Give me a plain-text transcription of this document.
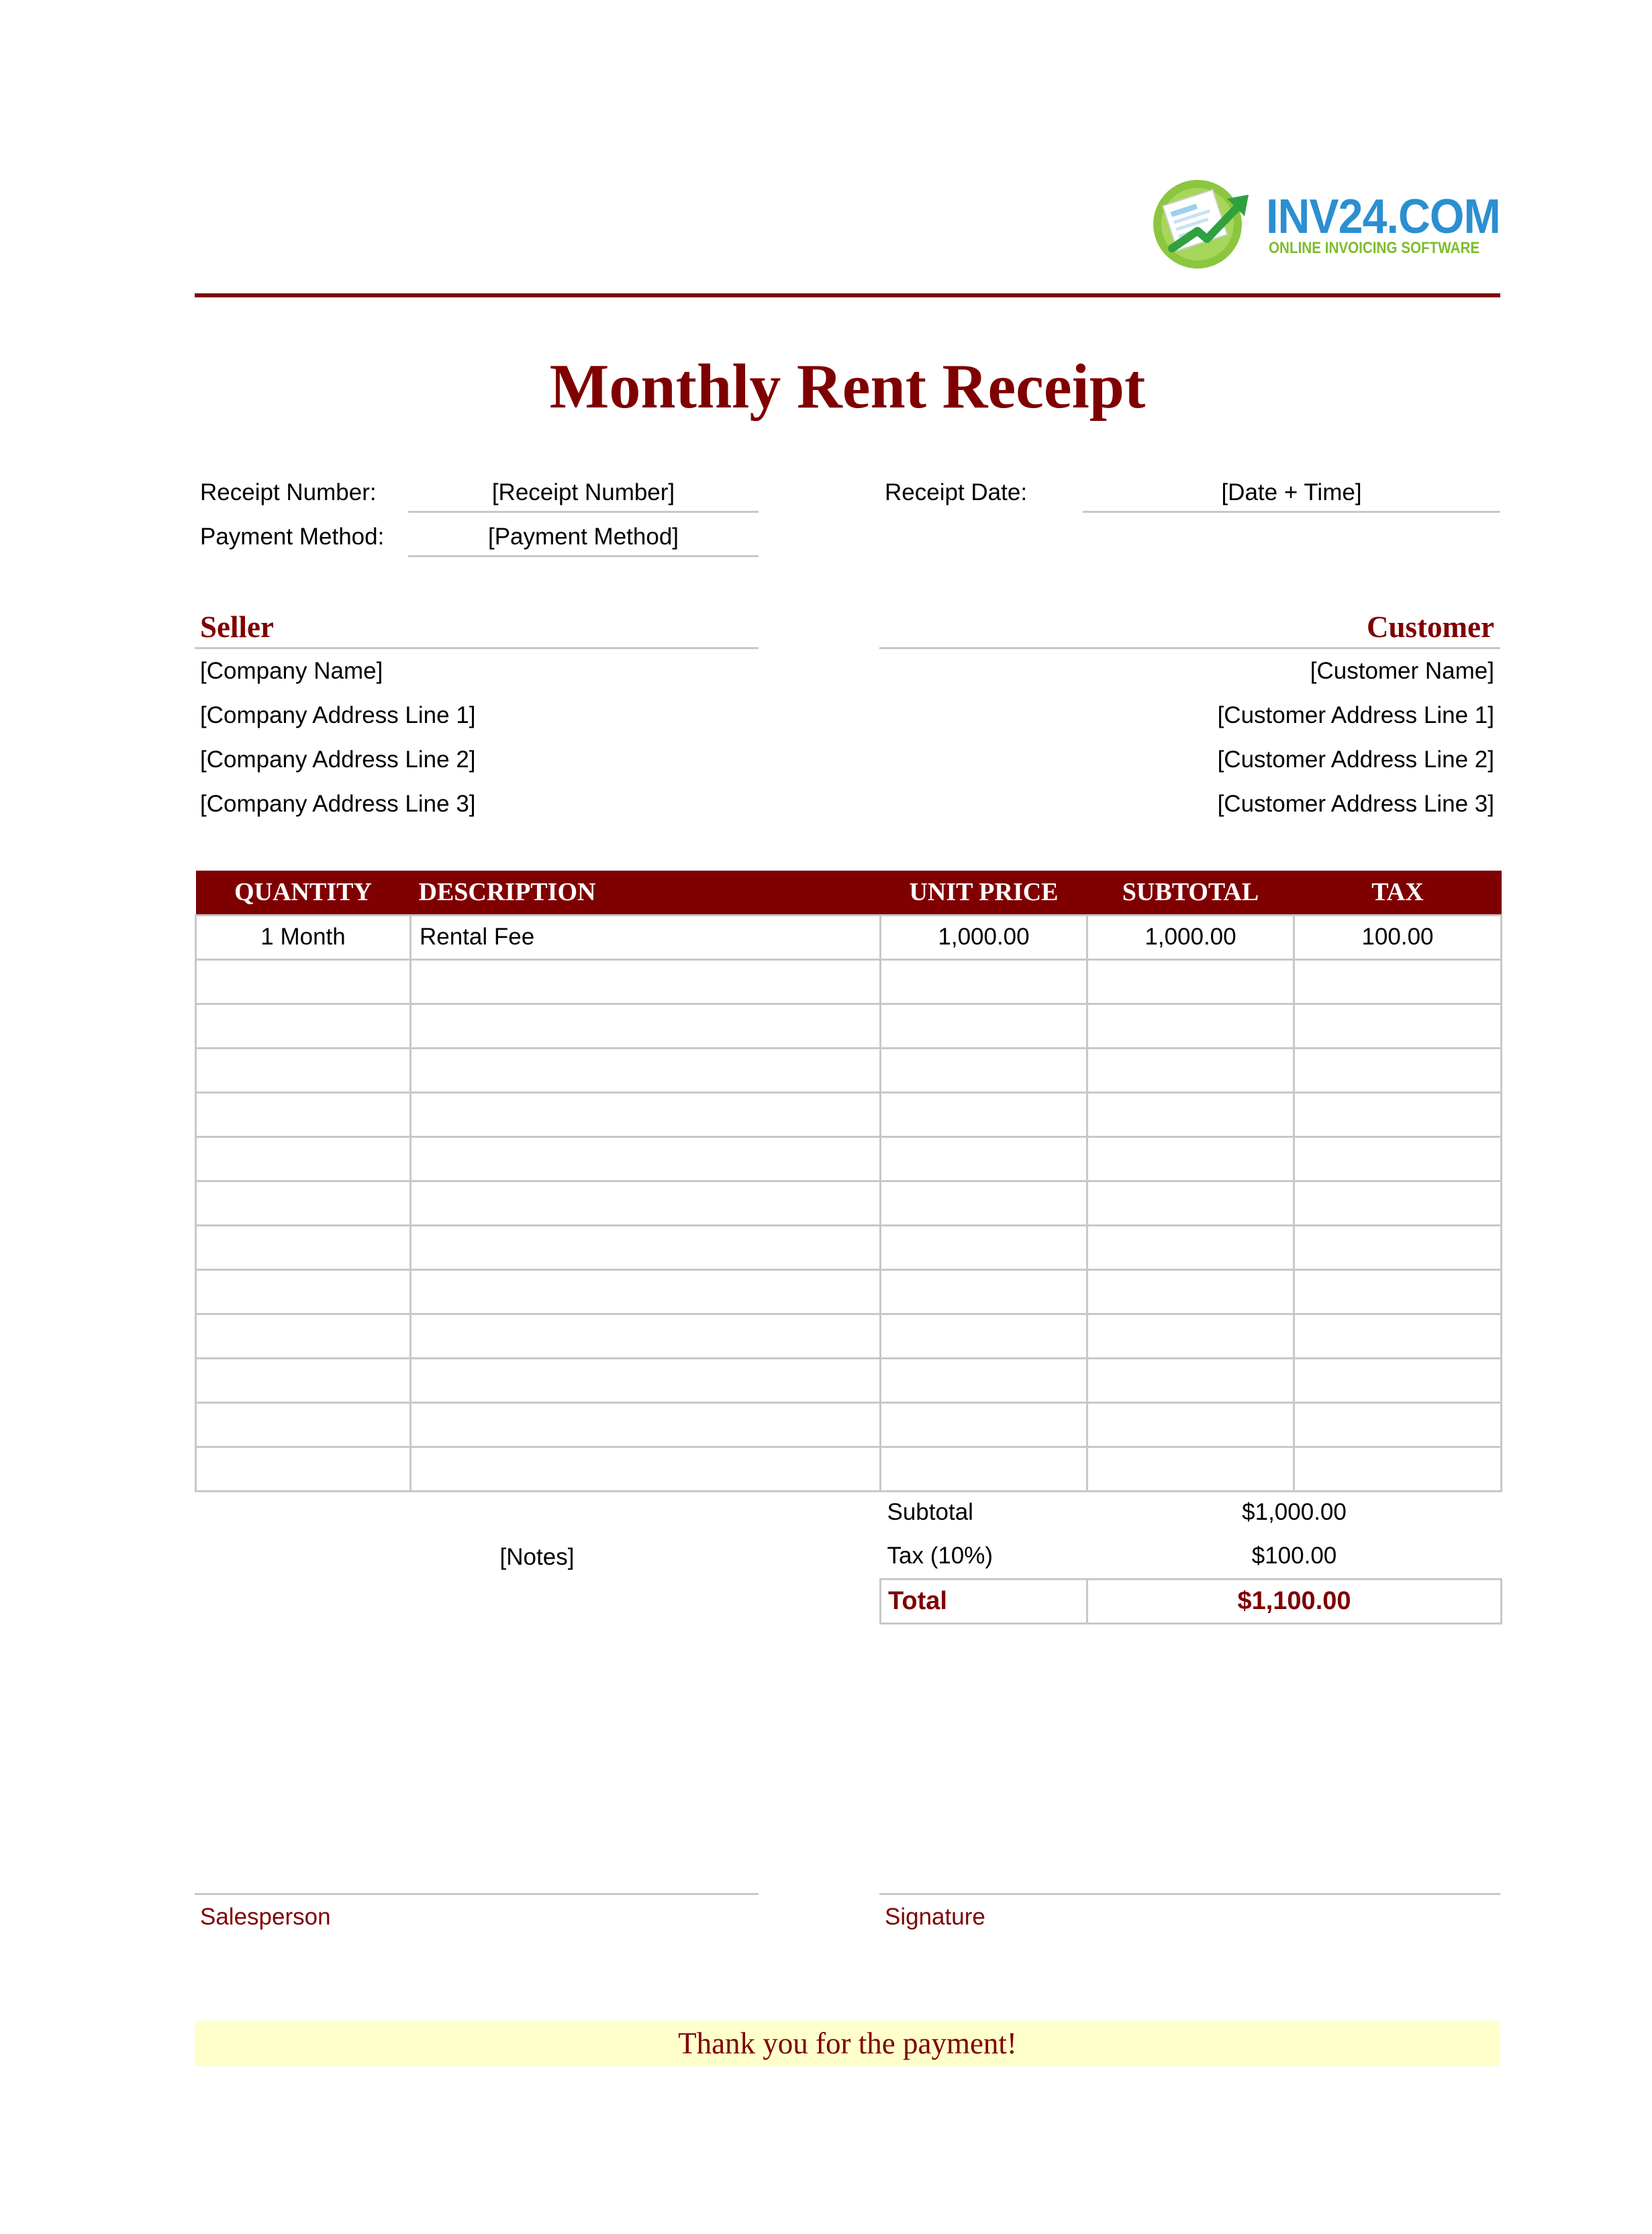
INV24.COM
ONLINE INVOICING SOFTWARE
Monthly Rent Receipt
Receipt Number:	[Receipt Number]
Payment Method:	[Payment Method]
Receipt Date:	[Date + Time]
Seller
[Company Name]
[Company Address Line 1]
[Company Address Line 2]
[Company Address Line 3]
Customer
[Customer Name]
[Customer Address Line 1]
[Customer Address Line 2]
[Customer Address Line 3]
QUANTITY	DESCRIPTION	UNIT PRICE	SUBTOTAL	TAX
1 Month	Rental Fee	1,000.00	1,000.00	100.00

[Notes]
Subtotal	$1,000.00
Tax (10%)	$100.00
Total	$1,100.00
Salesperson	Signature
Thank you for the payment!
